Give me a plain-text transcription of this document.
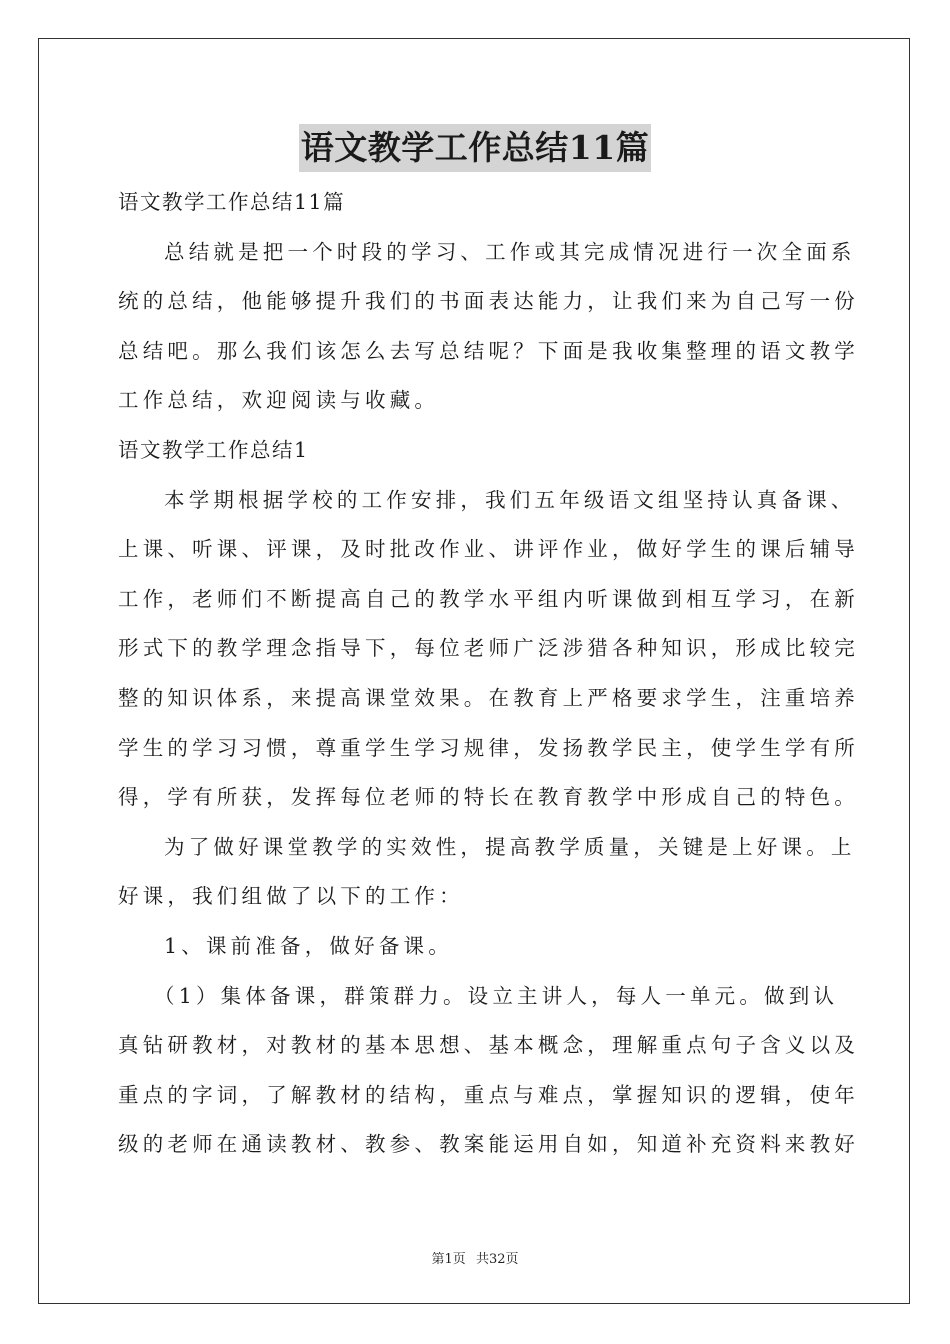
语文教学工作总结11篇
语文教学工作总结11篇
总结就是把一个时段的学习、工作或其完成情况进行一次全面系
统的总结，他能够提升我们的书面表达能力，让我们来为自己写一份
总结吧。那么我们该怎么去写总结呢？下面是我收集整理的语文教学
工作总结，欢迎阅读与收藏。
语文教学工作总结1
本学期根据学校的工作安排，我们五年级语文组坚持认真备课、
上课、听课、评课，及时批改作业、讲评作业，做好学生的课后辅导
工作，老师们不断提高自己的教学水平组内听课做到相互学习，在新
形式下的教学理念指导下，每位老师广泛涉猎各种知识，形成比较完
整的知识体系，来提高课堂效果。在教育上严格要求学生，注重培养
学生的学习习惯，尊重学生学习规律，发扬教学民主，使学生学有所
得，学有所获，发挥每位老师的特长在教育教学中形成自己的特色。
为了做好课堂教学的实效性，提高教学质量，关键是上好课。上
好课，我们组做了以下的工作：
1、课前准备，做好备课。
（1）集体备课，群策群力。设立主讲人，每人一单元。做到认
真钻研教材，对教材的基本思想、基本概念，理解重点句子含义以及
重点的字词，了解教材的结构，重点与难点，掌握知识的逻辑，使年
级的老师在通读教材、教参、教案能运用自如，知道补充资料来教好
第1页 共32页
